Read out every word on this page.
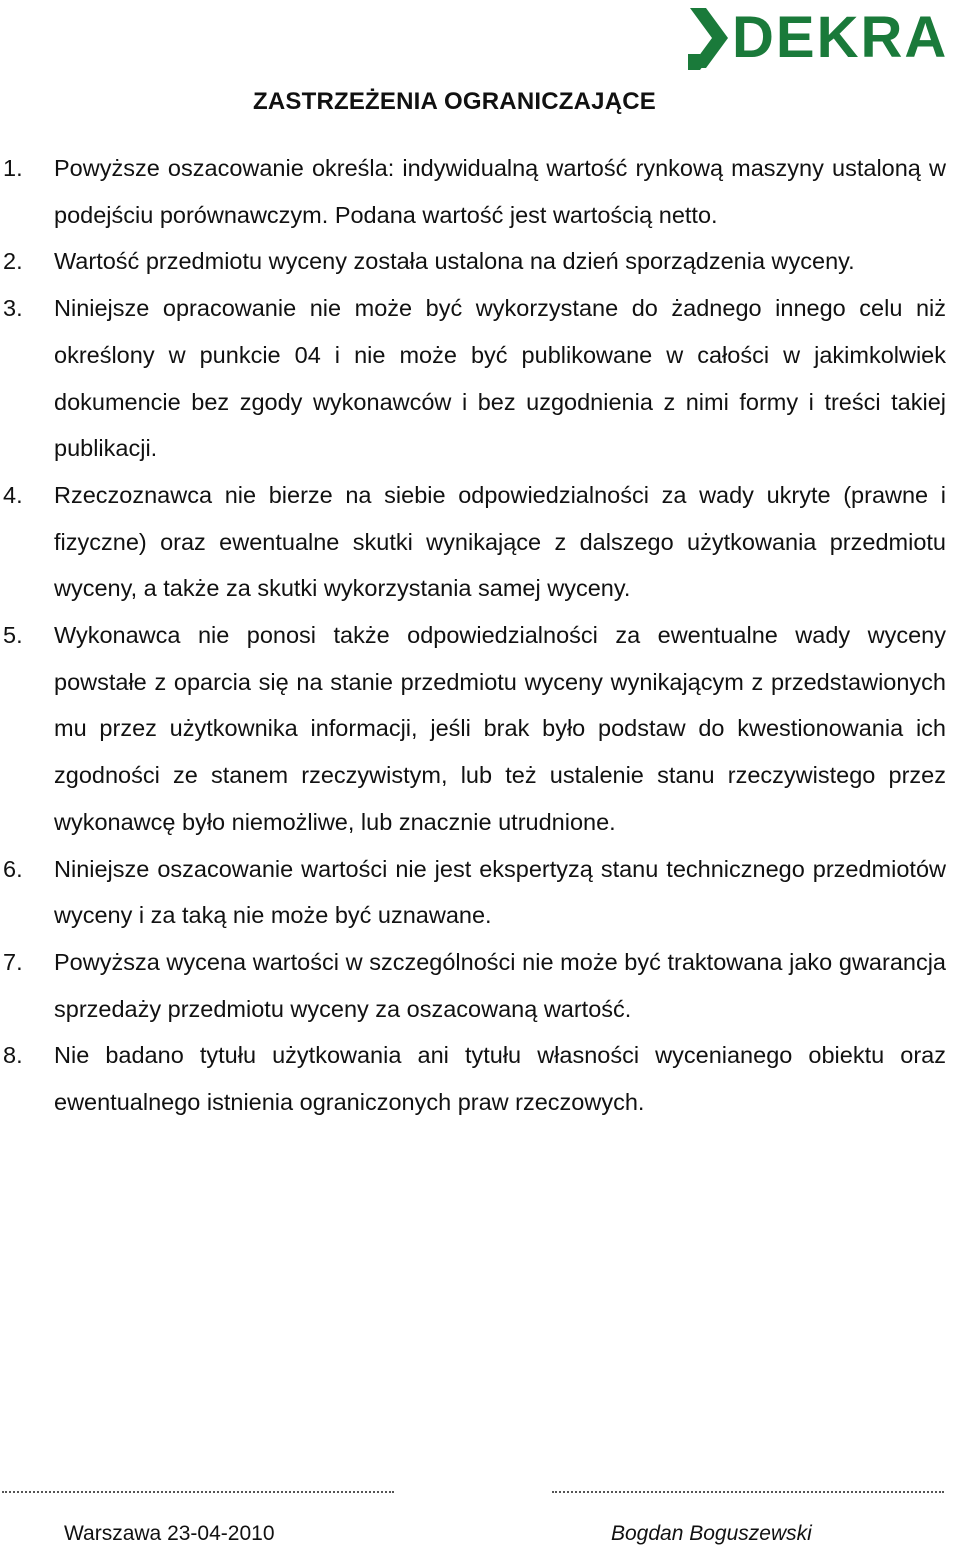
DEKRA
ZASTRZEŻENIA OGRANICZAJĄCE
1. Powyższe oszacowanie określa: indywidualną wartość rynkową maszyny ustaloną w podejściu porównawczym. Podana wartość jest wartością netto.
2. Wartość przedmiotu wyceny została ustalona na dzień sporządzenia wyceny.
3. Niniejsze opracowanie nie może być wykorzystane do żadnego innego celu niż określony w punkcie 04 i nie może być publikowane w całości w jakimkolwiek dokumencie bez zgody wykonawców i bez uzgodnienia z nimi formy i treści takiej publikacji.
4. Rzeczoznawca nie bierze na siebie odpowiedzialności za wady ukryte (prawne i fizyczne) oraz ewentualne skutki wynikające z dalszego użytkowania przedmiotu wyceny, a także za skutki wykorzystania samej wyceny.
5. Wykonawca nie ponosi także odpowiedzialności za ewentualne wady wyceny powstałe z oparcia się na stanie przedmiotu wyceny wynikającym z przedstawionych mu przez użytkownika informacji, jeśli brak było podstaw do kwestionowania ich zgodności ze stanem rzeczywistym, lub też ustalenie stanu rzeczywistego przez wykonawcę było niemożliwe, lub znacznie utrudnione.
6. Niniejsze oszacowanie wartości nie jest ekspertyzą stanu technicznego przedmiotów wyceny i za taką nie może być uznawane.
7. Powyższa wycena wartości w szczególności nie może być traktowana jako gwarancja sprzedaży przedmiotu wyceny za oszacowaną wartość.
8. Nie badano tytułu użytkowania ani tytułu własności wycenianego obiektu oraz ewentualnego istnienia ograniczonych praw rzeczowych.
Warszawa 23-04-2010	Bogdan Boguszewski
